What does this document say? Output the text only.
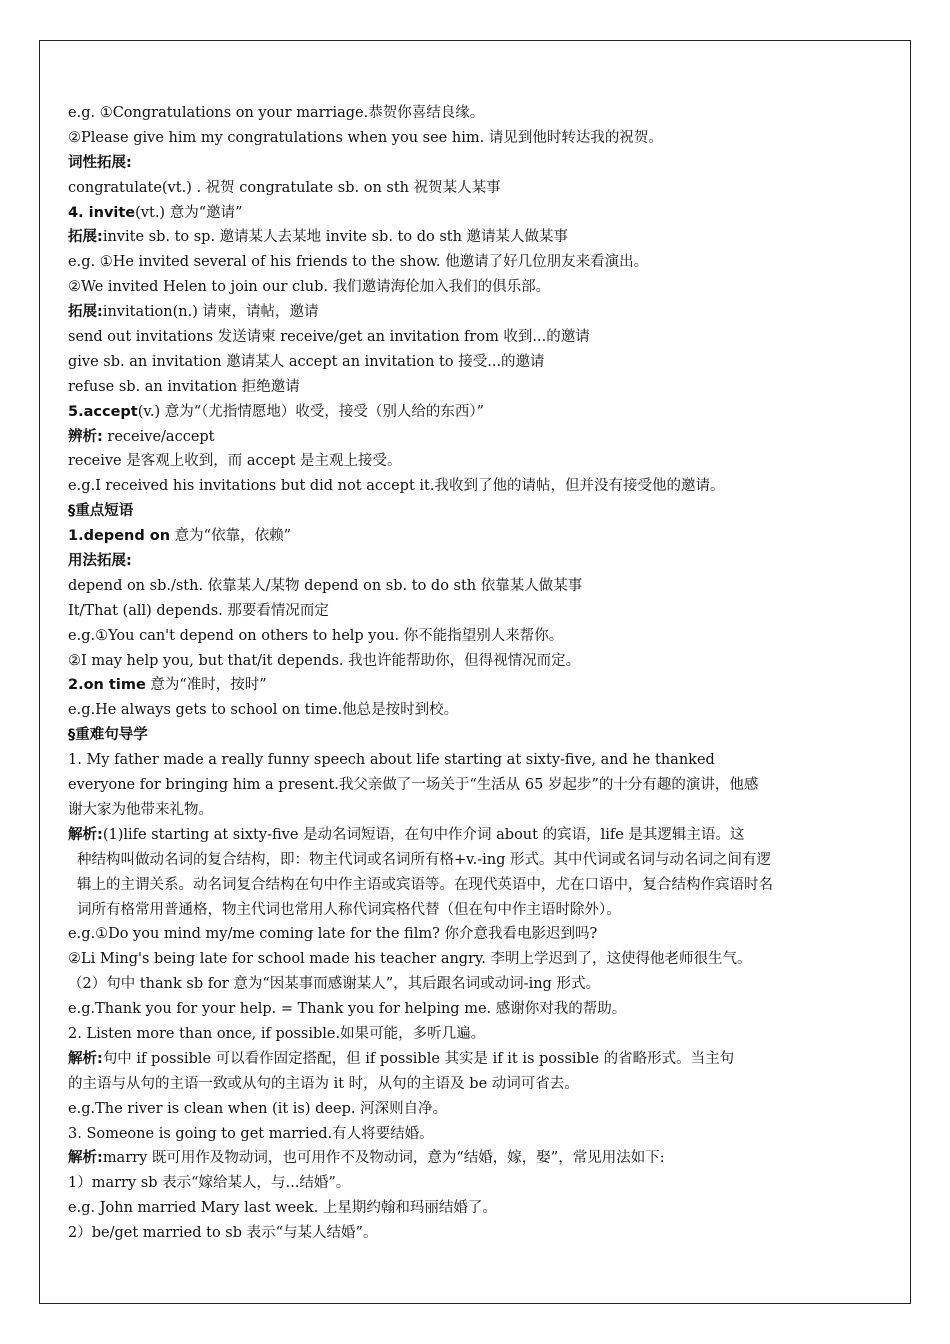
e.g. ①Congratulations on your marriage.恭贺你喜结良缘。
②Please give him my congratulations when you see him. 请见到他时转达我的祝贺。
词性拓展:
congratulate(vt.) . 祝贺 congratulate sb. on sth 祝贺某人某事
4. invite(vt.) 意为“邀请”
拓展:invite sb. to sp. 邀请某人去某地 invite sb. to do sth 邀请某人做某事
e.g. ①He invited several of his friends to the show. 他邀请了好几位朋友来看演出。
②We invited Helen to join our club. 我们邀请海伦加入我们的俱乐部。
拓展:invitation(n.) 请柬，请帖，邀请
send out invitations 发送请柬 receive/get an invitation from 收到...的邀请
give sb. an invitation 邀请某人 accept an invitation to 接受...的邀请
refuse sb. an invitation 拒绝邀请
5.accept(v.) 意为“（尤指情愿地）收受，接受（别人给的东西）”
辨析: receive/accept
receive 是客观上收到，而 accept 是主观上接受。
e.g.I received his invitations but did not accept it.我收到了他的请帖，但并没有接受他的邀请。
§重点短语
1.depend on 意为“依靠，依赖”
用法拓展:
depend on sb./sth. 依靠某人/某物 depend on sb. to do sth 依靠某人做某事
It/That (all) depends. 那要看情况而定
e.g.①You can't depend on others to help you. 你不能指望别人来帮你。
②I may help you, but that/it depends. 我也许能帮助你，但得视情况而定。
2.on time 意为“准时，按时”
e.g.He always gets to school on time.他总是按时到校。
§重难句导学
1. My father made a really funny speech about life starting at sixty-five, and he thanked
everyone for bringing him a present.我父亲做了一场关于“生活从 65 岁起步”的十分有趣的演讲，他感
谢大家为他带来礼物。
解析:(1)life starting at sixty-five 是动名词短语，在句中作介词 about 的宾语，life 是其逻辑主语。这
种结构叫做动名词的复合结构，即：物主代词或名词所有格+v.-ing 形式。其中代词或名词与动名词之间有逻
辑上的主谓关系。动名词复合结构在句中作主语或宾语等。在现代英语中，尤在口语中，复合结构作宾语时名
词所有格常用普通格，物主代词也常用人称代词宾格代替（但在句中作主语时除外）。
e.g.①Do you mind my/me coming late for the film? 你介意我看电影迟到吗?
②Li Ming's being late for school made his teacher angry. 李明上学迟到了，这使得他老师很生气。
（2）句中 thank sb for 意为“因某事而感谢某人”，其后跟名词或动词-ing 形式。
e.g.Thank you for your help. = Thank you for helping me. 感谢你对我的帮助。
2. Listen more than once, if possible.如果可能，多听几遍。
解析:句中 if possible 可以看作固定搭配，但 if possible 其实是 if it is possible 的省略形式。当主句
的主语与从句的主语一致或从句的主语为 it 时，从句的主语及 be 动词可省去。
e.g.The river is clean when (it is) deep. 河深则自净。
3. Someone is going to get married.有人将要结婚。
解析:marry 既可用作及物动词，也可用作不及物动词，意为“结婚，嫁，娶”，常见用法如下:
1）marry sb 表示“嫁给某人，与...结婚”。
e.g. John married Mary last week. 上星期约翰和玛丽结婚了。
2）be/get married to sb 表示“与某人结婚”。
